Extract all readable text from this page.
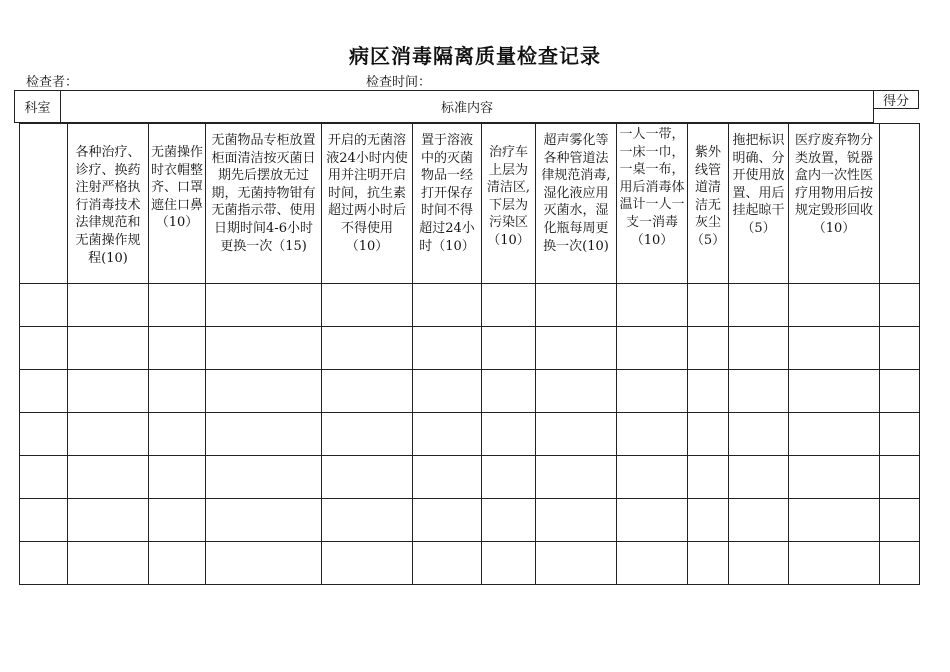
病区消毒隔离质量检查记录
检查者：	检查时间：
科室	标准内容	得分

	各种治疗、诊疗、换药注射严格执行消毒技术法律规范和无菌操作规程(10)	无菌操作时衣帽整齐、口罩遮住口鼻（10）	无菌物品专柜放置柜面清洁按灭菌日期先后摆放无过期，无菌持物钳有无菌指示带、使用日期时间4-6小时更换一次（15)	开启的无菌溶液24小时内使用并注明开启时间，抗生素超过两小时后不得使用（10）	置于溶液中的灭菌物品一经打开保存时间不得超过24小时（10）	治疗车上层为清洁区,下层为污染区（10）	超声雾化等各种管道法律规范消毒,湿化液应用灭菌水，湿化瓶每周更换一次(10)	一人一带，一床一巾，一桌一布，用后消毒体温计一人一支一消毒（10）	紫外线管道清洁无灰尘（5）	拖把标识明确、分开使用放置、用后挂起晾干（5）	医疗废弃物分类放置，锐器盒内一次性医疗用物用后按规定毁形回收（10）	
